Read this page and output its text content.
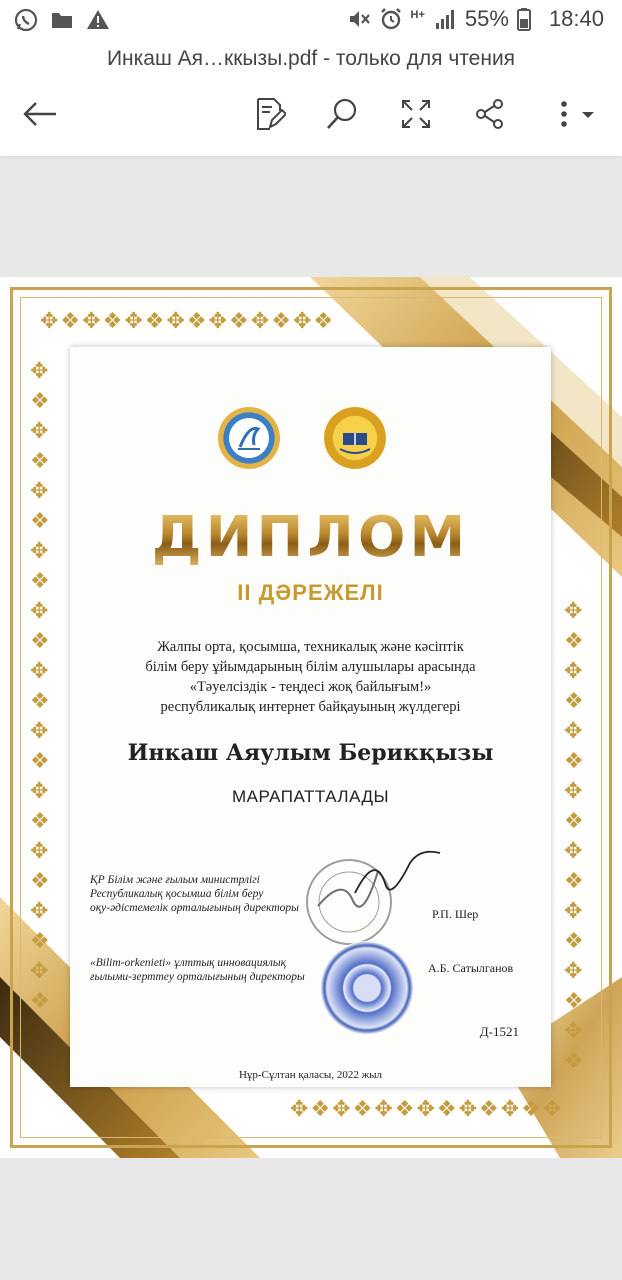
H+ 55% 18:40
Инкаш Ая…ккызы.pdf - только для чтения
✥❖✥❖✥❖✥❖✥❖✥❖✥❖
✥❖✥❖✥❖✥❖✥❖✥❖✥
✥ ❖ ✥ ❖ ✥ ❖ ✥ ❖ ✥ ❖ ✥ ❖ ✥ ❖ ✥ ❖ ✥ ❖ ✥ ❖ ✥ ❖
✥ ❖ ✥ ❖ ✥ ❖ ✥ ❖ ✥ ❖ ✥ ❖ ✥ ❖ ✥ ❖
ДИПЛОМ
II ДӘРЕЖЕЛІ
Жалпы орта, қосымша, техникалық және кәсіптік
білім беру ұйымдарының білім алушылары арасында
«Тәуелсіздік - теңдесі жоқ байлығым!»
республикалық интернет байқауының жүлдегері
Инкаш Аяулым Берикқызы
МАРАПАТТАЛАДЫ
ҚР Білім және ғылым министрлігі
Республикалық қосымша білім беру
оқу-әдістемелік орталығының директоры	Р.П. Шер
«Bilim-orkenieti» ұлттық инновациялық
ғылыми-зерттеу орталығының директоры
А.Б. Сатылганов
Д-1521
Нұр-Сұлтан қаласы, 2022 жыл
